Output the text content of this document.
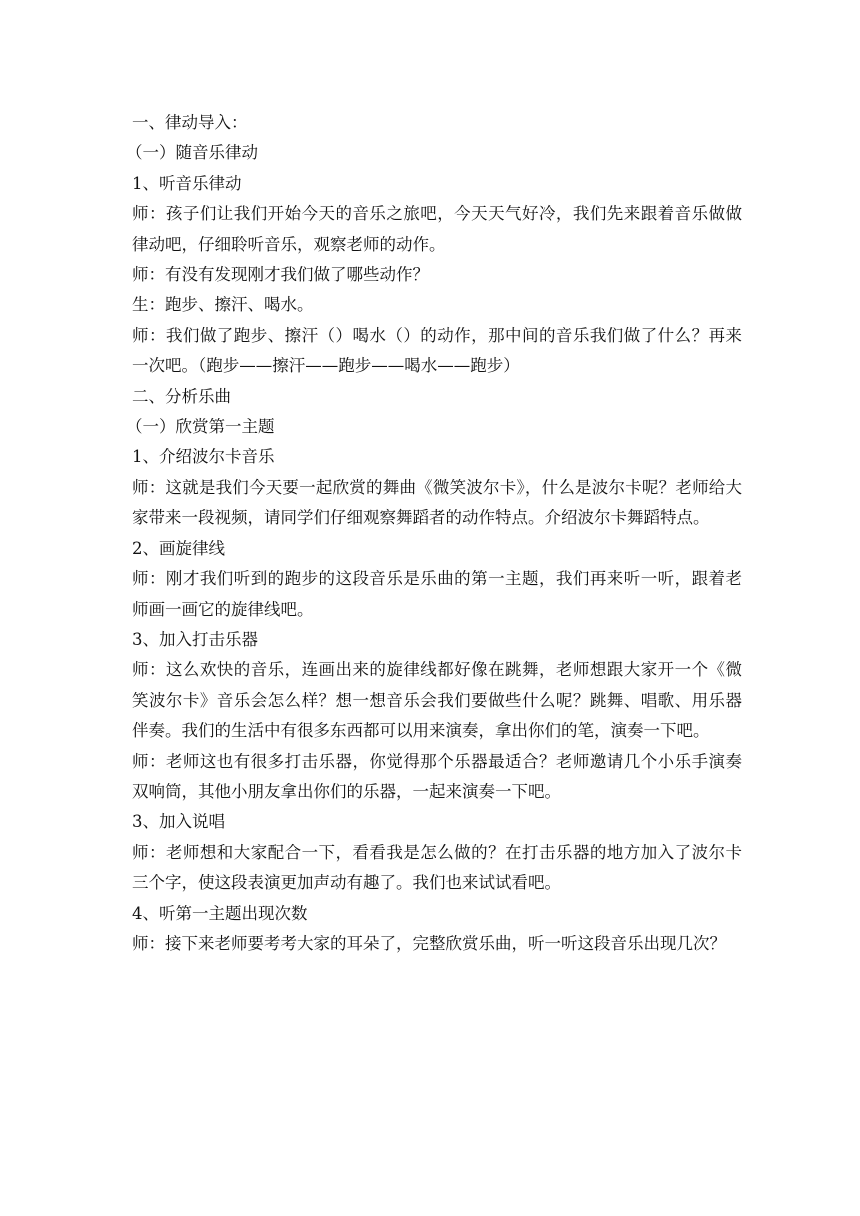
一、律动导入：

（一）随音乐律动

1、听音乐律动

师：孩子们让我们开始今天的音乐之旅吧，今天天气好冷，我们先来跟着音乐做做律动吧，仔细聆听音乐，观察老师的动作。

师：有没有发现刚才我们做了哪些动作？

生：跑步、擦汗、喝水。

师：我们做了跑步、擦汗（）喝水（）的动作，那中间的音乐我们做了什么？再来一次吧。（跑步——擦汗——跑步——喝水——跑步）

二、分析乐曲

（一）欣赏第一主题

1、介绍波尔卡音乐

师：这就是我们今天要一起欣赏的舞曲《微笑波尔卡》，什么是波尔卡呢？老师给大家带来一段视频，请同学们仔细观察舞蹈者的动作特点。介绍波尔卡舞蹈特点。

2、画旋律线

师：刚才我们听到的跑步的这段音乐是乐曲的第一主题，我们再来听一听，跟着老师画一画它的旋律线吧。

3、加入打击乐器

师：这么欢快的音乐，连画出来的旋律线都好像在跳舞，老师想跟大家开一个《微笑波尔卡》音乐会怎么样？想一想音乐会我们要做些什么呢？跳舞、唱歌、用乐器伴奏。我们的生活中有很多东西都可以用来演奏，拿出你们的笔，演奏一下吧。

师：老师这也有很多打击乐器，你觉得那个乐器最适合？老师邀请几个小乐手演奏双响筒，其他小朋友拿出你们的乐器，一起来演奏一下吧。

3、加入说唱

师：老师想和大家配合一下，看看我是怎么做的？在打击乐器的地方加入了波尔卡三个字，使这段表演更加声动有趣了。我们也来试试看吧。

4、听第一主题出现次数

师：接下来老师要考考大家的耳朵了，完整欣赏乐曲，听一听这段音乐出现几次？
